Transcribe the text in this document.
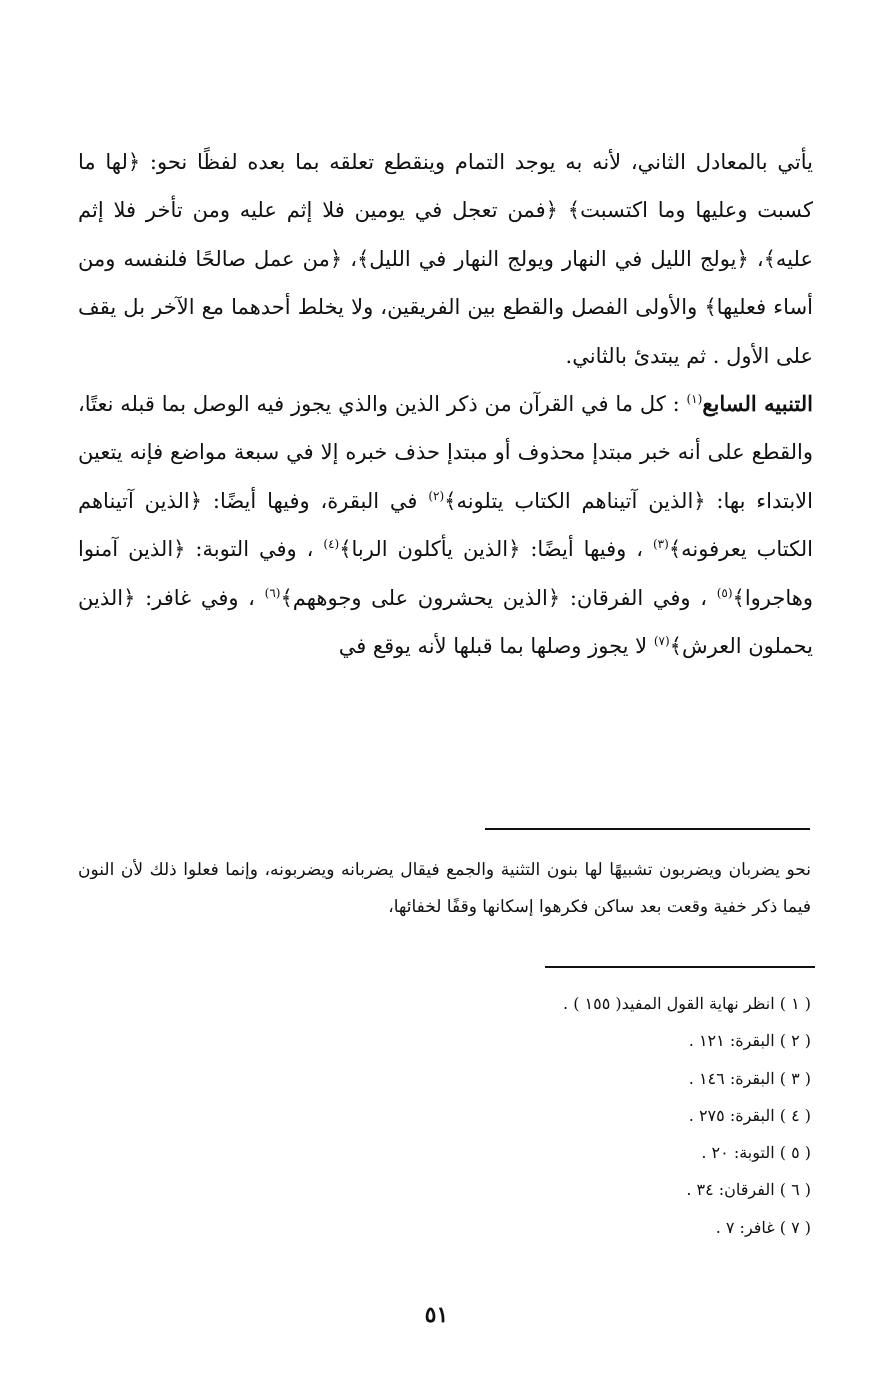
يأتي بالمعادل الثاني، لأنه به يوجد التمام وينقطع تعلقه بما بعده لفظًا نحو: ﴿لها ما كسبت وعليها وما اكتسبت﴾ ﴿فمن تعجل في يومين فلا إثم عليه ومن تأخر فلا إثم عليه﴾، ﴿يولج الليل في النهار ويولج النهار في الليل﴾، ﴿من عمل صالحًا فلنفسه ومن أساء فعليها﴾ والأولى الفصل والقطع بين الفريقين، ولا يخلط أحدهما مع الآخر بل يقف على الأول . ثم يبتدئ بالثاني.

التنبيه السابع$^{(١)}$ : كل ما في القرآن من ذكر الذين والذي يجوز فيه الوصل بما قبله نعتًا، والقطع على أنه خبر مبتدإ محذوف أو مبتدإ حذف خبره إلا في سبعة مواضع فإنه يتعين الابتداء بها: ﴿الذين آتيناهم الكتاب يتلونه﴾$^{(٢)}$ في البقرة، وفيها أيضًا: ﴿الذين آتيناهم الكتاب يعرفونه﴾$^{(٣)}$ ، وفيها أيضًا: ﴿الذين يأكلون الربا﴾$^{(٤)}$ ، وفي التوبة: ﴿الذين آمنوا وهاجروا﴾$^{(٥)}$ ، وفي الفرقان: ﴿الذين يحشرون على وجوههم﴾$^{(٦)}$ ، وفي غافر: ﴿الذين يحملون العرش﴾$^{(٧)}$ لا يجوز وصلها بما قبلها لأنه يوقع في

نحو يضربان ويضربون تشبيهًا لها بنون التثنية والجمع فيقال يضربانه ويضربونه، وإنما فعلوا ذلك لأن النون فيما ذكر خفية وقعت بعد ساكن فكرهوا إسكانها وقفًا لخفائها،

( ١ ) انظر نهاية القول المفيد( ١٥٥ ) .
( ٢ ) البقرة: ١٢١ .
( ٣ ) البقرة: ١٤٦ .
( ٤ ) البقرة: ٢٧٥ .
( ٥ ) التوبة: ٢٠ .
( ٦ ) الفرقان: ٣٤ .
( ٧ ) غافر: ٧ .
٥١
